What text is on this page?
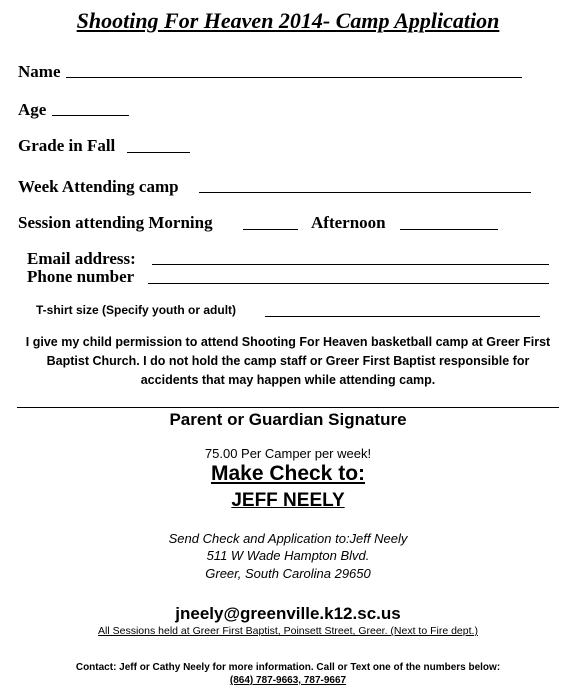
Shooting For Heaven 2014- Camp Application
Name
Age
Grade in Fall
Week Attending camp
Session attending Morning	Afternoon
Email address:
Phone number
T-shirt size (Specify youth or adult)
I give my child permission to attend Shooting For Heaven basketball camp at Greer First Baptist Church. I do not hold the camp staff or Greer First Baptist responsible for accidents that may happen while attending camp.
Parent or Guardian Signature
75.00 Per Camper per week!
Make Check to:
JEFF NEELY
Send Check and Application to:Jeff Neely
511 W Wade Hampton Blvd.
Greer, South Carolina 29650
jneely@greenville.k12.sc.us
All Sessions held at Greer First Baptist, Poinsett Street, Greer. (Next to Fire dept.)
Contact: Jeff or Cathy Neely for more information. Call or Text one of the numbers below:
(864) 787-9663, 787-9667
